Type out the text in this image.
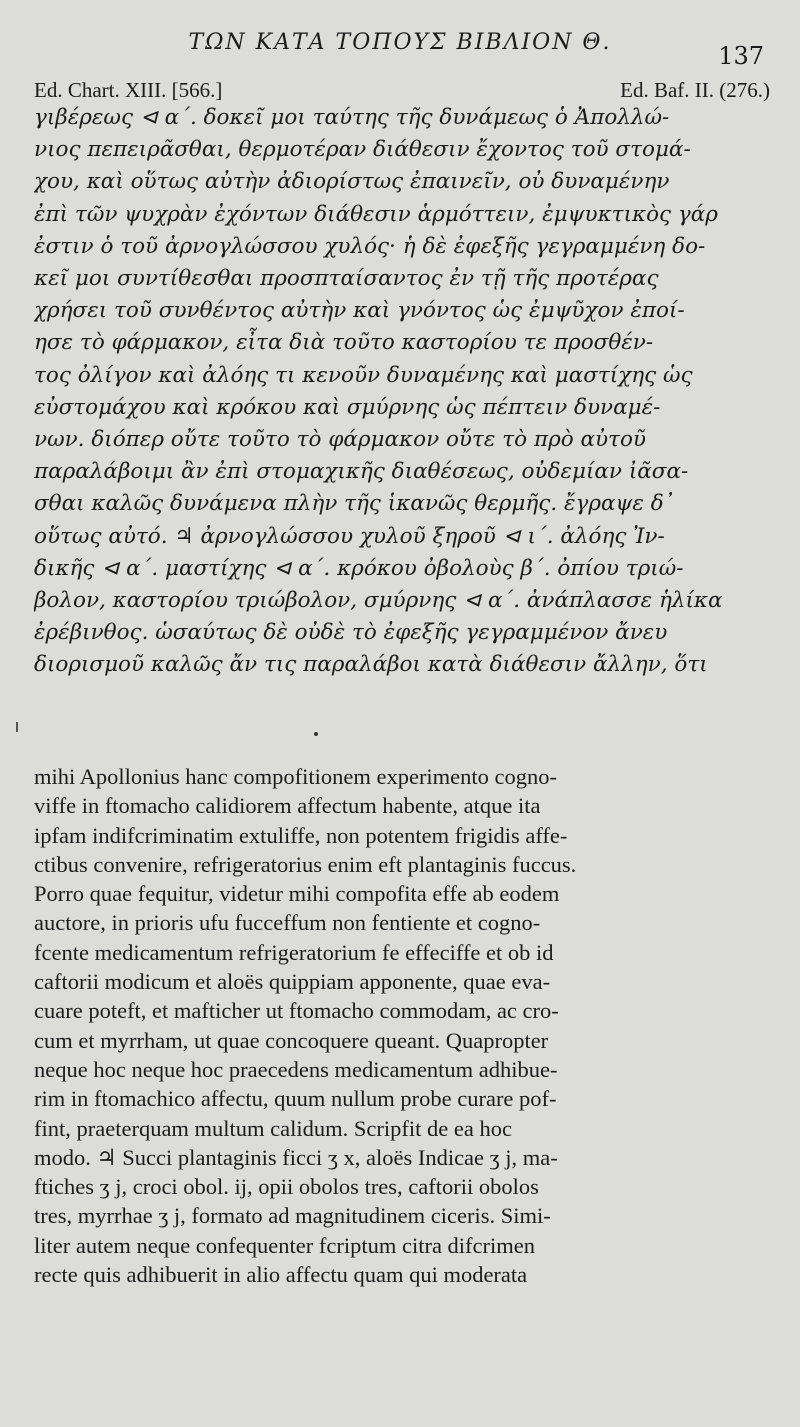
ΤΩΝ ΚΑΤΑ ΤΟΠΟΥΣ ΒΙΒΛΙΟΝ Θ.	137
Ed. Chart. XIII. [566.]	Ed. Baf. II. (276.)
γιβέρεως ⊲ α΄. δοκεῖ μοι ταύτης τῆς δυνάμεως ὁ Ἀπολλώ-
νιος πεπειρᾶσθαι, θερμοτέραν διάθεσιν ἔχοντος τοῦ στομά-
χου, καὶ οὕτως αὐτὴν ἀδιορίστως ἐπαινεῖν, οὐ δυναμένην
ἐπὶ τῶν ψυχρὰν ἐχόντων διάθεσιν ἁρμόττειν, ἐμψυκτικὸς γάρ
ἐστιν ὁ τοῦ ἀρνογλώσσου χυλός· ἡ δὲ ἐφεξῆς γεγραμμένη δο-
κεῖ μοι συντίθεσθαι προσπταίσαντος ἐν τῇ τῆς προτέρας
χρήσει τοῦ συνθέντος αὐτὴν καὶ γνόντος ὡς ἐμψῦχον ἐποί-
ησε τὸ φάρμακον, εἶτα διὰ τοῦτο καστορίου τε προσθέν-
τος ὀλίγον καὶ ἀλόης τι κενοῦν δυναμένης καὶ μαστίχης ὡς
εὐστομάχου καὶ κρόκου καὶ σμύρνης ὡς πέπτειν δυναμέ-
νων. διόπερ οὔτε τοῦτο τὸ φάρμακον οὔτε τὸ πρὸ αὐτοῦ
παραλάβοιμι ἂν ἐπὶ στομαχικῆς διαθέσεως, οὐδεμίαν ἰᾶσα-
σθαι καλῶς δυνάμενα πλὴν τῆς ἱκανῶς θερμῆς. ἔγραψε δ᾽
οὕτως αὐτό. ♃ ἀρνογλώσσου χυλοῦ ξηροῦ ⊲ ι΄. ἀλόης Ἰν-
δικῆς ⊲ α΄. μαστίχης ⊲ α΄. κρόκου ὀβολοὺς β΄. ὀπίου τριώ-
βολον, καστορίου τριώβολον, σμύρνης ⊲ α΄. ἀνάπλασσε ἡλίκα
ἐρέβινθος. ὡσαύτως δὲ οὐδὲ τὸ ἐφεξῆς γεγραμμένον ἄνευ
διορισμοῦ καλῶς ἄν τις παραλάβοι κατὰ διάθεσιν ἄλλην, ὅτι
mihi Apollonius hanc compofitionem experimento cogno-
viffe in ftomacho calidiorem affectum habente, atque ita
ipfam indifcriminatim extuliffe, non potentem frigidis affe-
ctibus convenire, refrigeratorius enim eft plantaginis fuccus.
Porro quae fequitur, videtur mihi compofita effe ab eodem
auctore, in prioris ufu fucceffum non fentiente et cogno-
fcente medicamentum refrigeratorium fe effeciffe et ob id
caftorii modicum et aloës quippiam apponente, quae eva-
cuare poteft, et mafticher ut ftomacho commodam, ac cro-
cum et myrrham, ut quae concoquere queant. Quapropter
neque hoc neque hoc praecedens medicamentum adhibue-
rim in ftomachico affectu, quum nullum probe curare pof-
fint, praeterquam multum calidum. Scripfit de ea hoc
modo. ♃ Succi plantaginis ficci ʒ x, aloës Indicae ʒ j, ma-
ftiches ʒ j, croci obol. ij, opii obolos tres, caftorii obolos
tres, myrrhae ʒ j, formato ad magnitudinem ciceris. Simi-
liter autem neque confequenter fcriptum citra difcrimen
recte quis adhibuerit in alio affectu quam qui moderata
